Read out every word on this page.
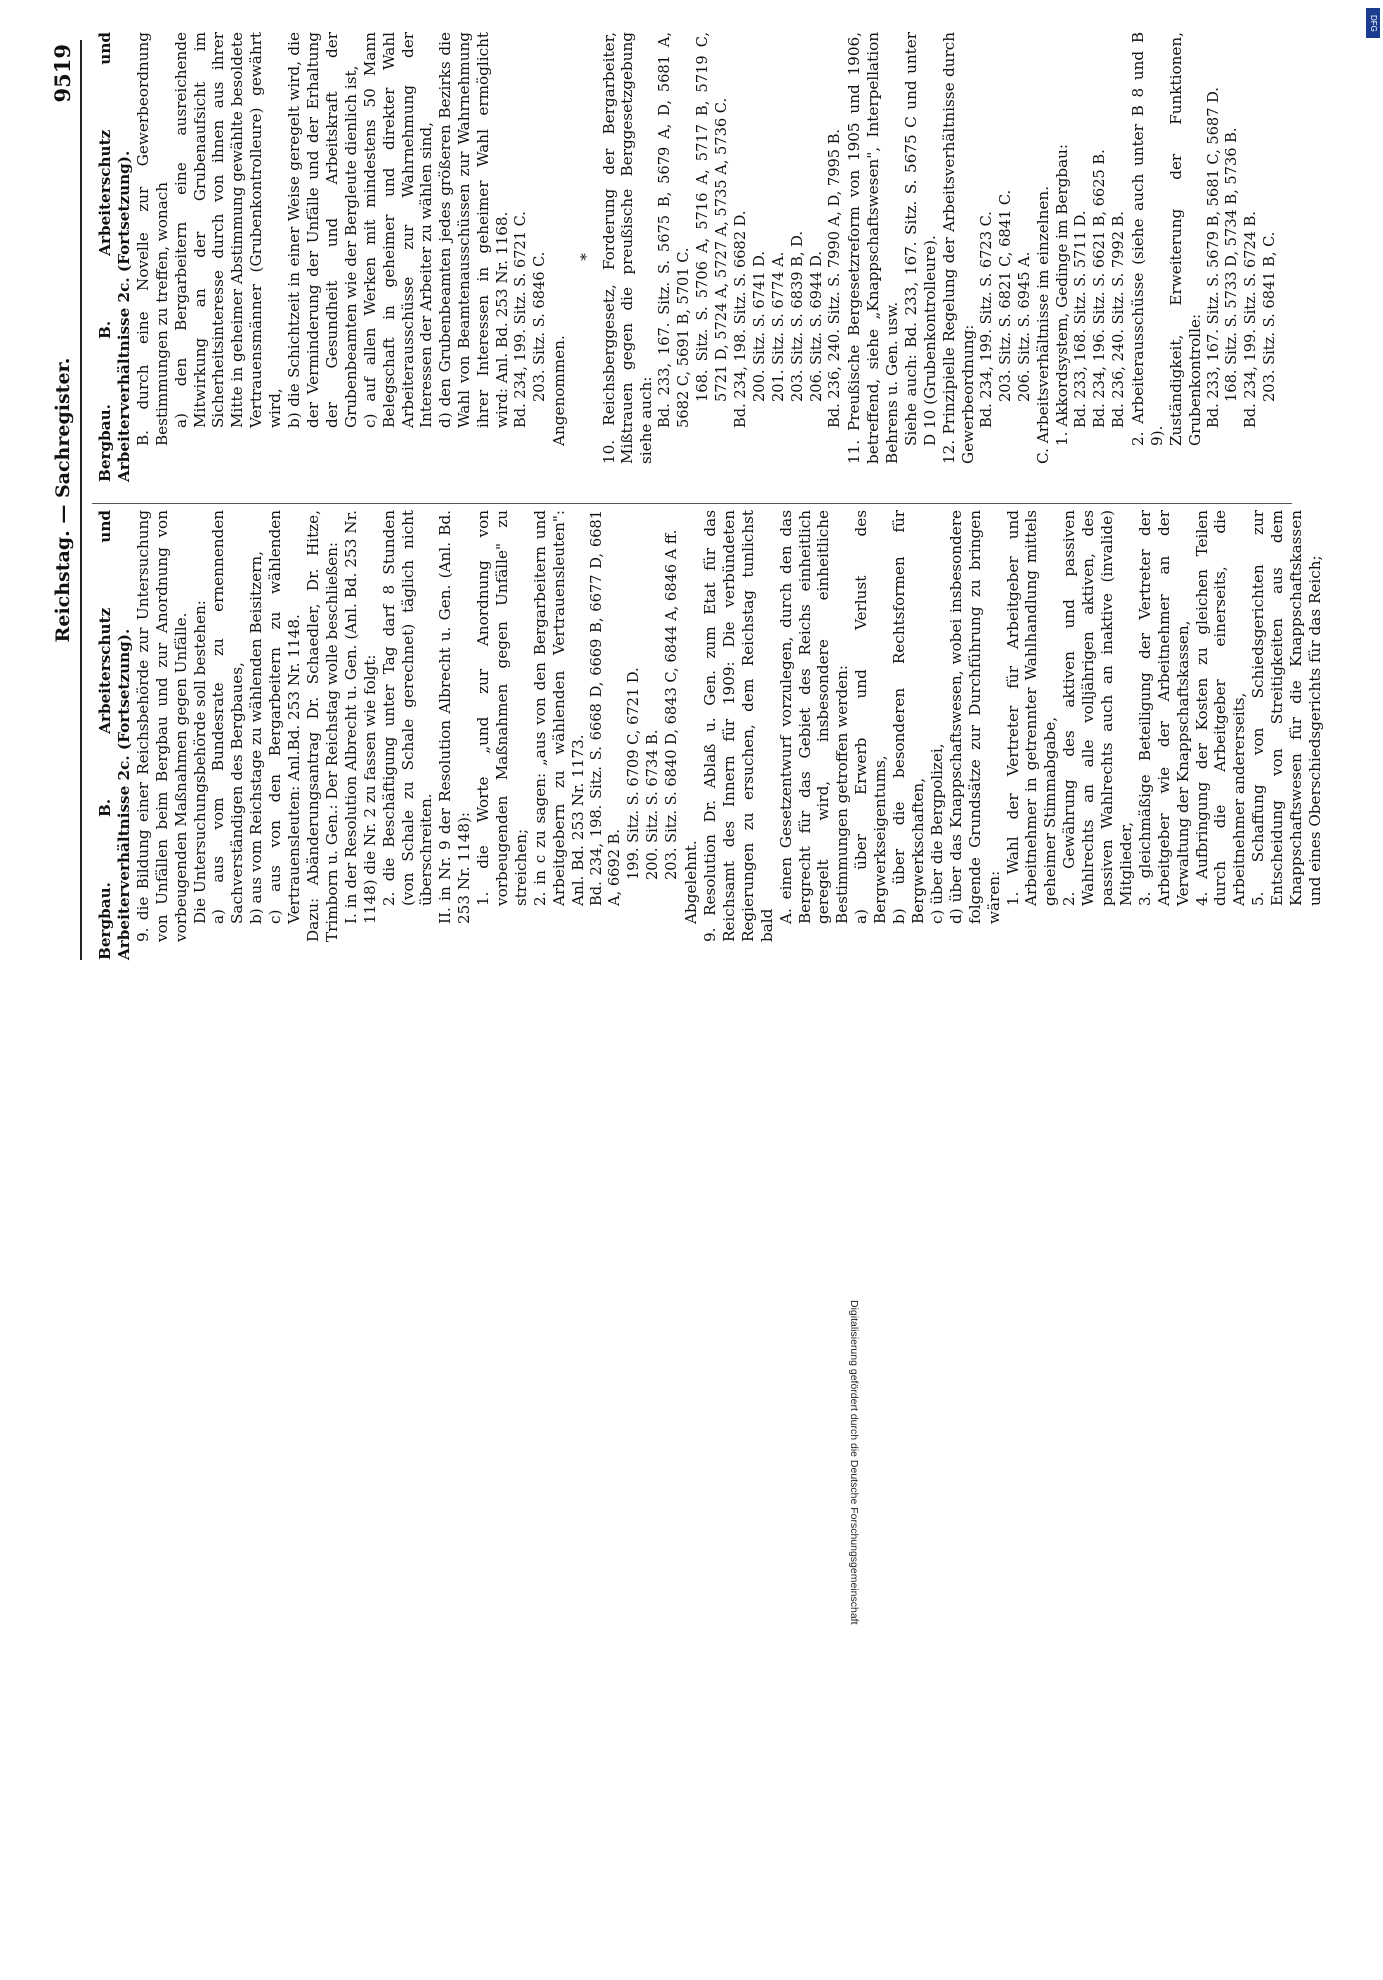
Reichstag. — Sachregister.
9519
Bergbau. B. Arbeiterschutz und Arbeiterverhältnisse 2c. (Fortsetzung). 9. die Bildung einer Reichsbehörde zur Untersuchung von Unfällen beim Bergbau und zur Anordnung von vorbeugenden Maßnahmen gegen Unfälle. Die Untersuchungsbehörde soll bestehen: a) aus vom Bundesrate zu ernennenden Sachverständigen des Bergbaues, b) aus vom Reichstage zu wählenden Beisitzern, c) aus von den Bergarbeitern zu wählenden Vertrauensleuten: Anl.Bd. 253 Nr. 1148. Dazu: Abänderungsantrag Dr. Schaedler, Dr. Hitze, Trimborn u. Gen.: Der Reichstag wolle beschließen: I. in der Resolution Albrecht u. Gen. (Anl. Bd. 253 Nr. 1148) die Nr. 2 zu fassen wie folgt: 2. die Beschäftigung unter Tag darf 8 Stunden (von Schale zu Schale gerechnet) täglich nicht überschreiten. II. in Nr. 9 der Resolution Albrecht u. Gen. (Anl. Bd. 253 Nr. 1148): 1. die Worte „und zur Anordnung von vorbeugenden Maßnahmen gegen Unfälle" zu streichen; 2. in c zu sagen: „aus von den Bergarbeitern und Arbeitgebern zu wählenden Vertrauensleuten": Anl. Bd. 253 Nr. 1173. Bd. 234, 198. Sitz. S. 6668 D, 6669 B, 6677 D, 6681 A, 6692 B. 199. Sitz. S. 6709 C, 6721 D. 200. Sitz. S. 6734 B. 203. Sitz. S. 6840 D, 6843 C, 6844 A, 6846 A ff.
Abgelehnt. 9. Resolution Dr. Ablaß u. Gen. zum Etat für das Reichsamt des Innern für 1909: Die verbündeten Regierungen zu ersuchen, dem Reichstag tunlichst bald
A. einen Gesetzentwurf vorzulegen, durch den das Bergrecht für das Gebiet des Reichs einheitlich geregelt wird, insbesondere einheitliche Bestimmungen getroffen werden: a) über Erwerb und Verlust des Bergwerkseigentums, b) über die besonderen Rechtsformen für Bergwerkschaften, c) über die Bergpolizei, d) über das Knappschaftswesen, wobei insbesondere folgende Grundsätze zur Durchführung zu bringen wären: 1. Wahl der Vertreter für Arbeitgeber und Arbeitnehmer in getrennter Wahlhandlung mittels geheimer Stimmabgabe, 2. Gewährung des aktiven und passiven Wahlrechts an alle volljährigen aktiven, des passiven Wahlrechts auch an inaktive (invalide) Mitglieder, 3. gleichmäßige Beteiligung der Vertreter der Arbeitgeber wie der Arbeitnehmer an der Verwaltung der Knappschaftskassen, 4. Aufbringung der Kosten zu gleichen Teilen durch die Arbeitgeber einerseits, die Arbeitnehmer andererseits, 5. Schaffung von Schiedsgerichten zur Entscheidung von Streitigkeiten aus dem Knappschaftswesen für die Knappschaftskassen und eines Oberschiedsgerichts für das Reich;
Bergbau. B. Arbeiterschutz und Arbeiterverhältnisse 2c. (Fortsetzung). B. durch eine Novelle zur Gewerbeordnung Bestimmungen zu treffen, wonach a) den Bergarbeitern eine ausreichende Mitwirkung an der Grubenaufsicht im Sicherheitsinteresse durch von ihnen aus ihrer Mitte in geheimer Abstimmung gewählte besoldete Vertrauensmänner (Grubenkontrolleure) gewährt wird, b) die Schichtzeit in einer Weise geregelt wird, die der Verminderung der Unfälle und der Erhaltung der Gesundheit und Arbeitskraft der Grubenbeamten wie der Bergleute dienlich ist, c) auf allen Werken mit mindestens 50 Mann Belegschaft in geheimer und direkter Wahl Arbeiterausschüsse zur Wahrnehmung der Interessen der Arbeiter zu wählen sind, d) den Grubenbeamten jedes größeren Bezirks die Wahl von Beamtenausschüssen zur Wahrnehmung ihrer Interessen in geheimer Wahl ermöglicht wird: Anl. Bd. 253 Nr. 1168. Bd. 234, 199. Sitz. S. 6721 C. 203. Sitz. S. 6846 C. Angenommen.
* 10. Reichsberggesetz, Forderung der Bergarbeiter, Mißtrauen gegen die preußische Berggesetzgebung siehe auch: Bd. 233, 167. Sitz. S. 5675 B, 5679 A, D, 5681 A, 5682 C, 5691 B, 5701 C. 168. Sitz. S. 5706 A, 5716 A, 5717 B, 5719 C, 5721 D, 5724 A, 5727 A, 5735 A, 5736 C. Bd. 234, 198. Sitz. S. 6682 D. 200. Sitz. S. 6741 D. 201. Sitz. S. 6774 A. 203. Sitz. S. 6839 B, D. 206. Sitz. S. 6944 D. Bd. 236, 240. Sitz. S. 7990 A, D, 7995 B. 11. Preußische Bergesetzreform von 1905 und 1906, betreffend, siehe „Knappschaftswesen", Interpellation Behrens u. Gen. usw. Siehe auch: Bd. 233, 167. Sitz. S. 5675 C und unter D 10 (Grubenkontrolleure). 12. Prinzipielle Regelung der Arbeitsverhältnisse durch Gewerbeordnung: Bd. 234, 199. Sitz. S. 6723 C. 203. Sitz. S. 6821 C, 6841 C. 206. Sitz. S. 6945 A. C. Arbeitsverhältnisse im einzelnen. 1. Akkordsystem, Gedinge im Bergbau: Bd. 233, 168. Sitz. S. 5711 D. Bd. 234, 196. Sitz. S. 6621 B, 6625 B. Bd. 236, 240. Sitz. S. 7992 B. 2. Arbeiterausschüsse (siehe auch unter B 8 und B 9). Zuständigkeit, Erweiterung der Funktionen, Grubenkontrolle: Bd. 233, 167. Sitz. S. 5679 B, 5681 C, 5687 D. 168. Sitz. S. 5733 D, 5734 B, 5736 B. Bd. 234, 199. Sitz. S. 6724 B. 203. Sitz. S. 6841 B, C.
Digitalisierung gefördert durch die Deutsche Forschungsgemeinschaft
DFG
